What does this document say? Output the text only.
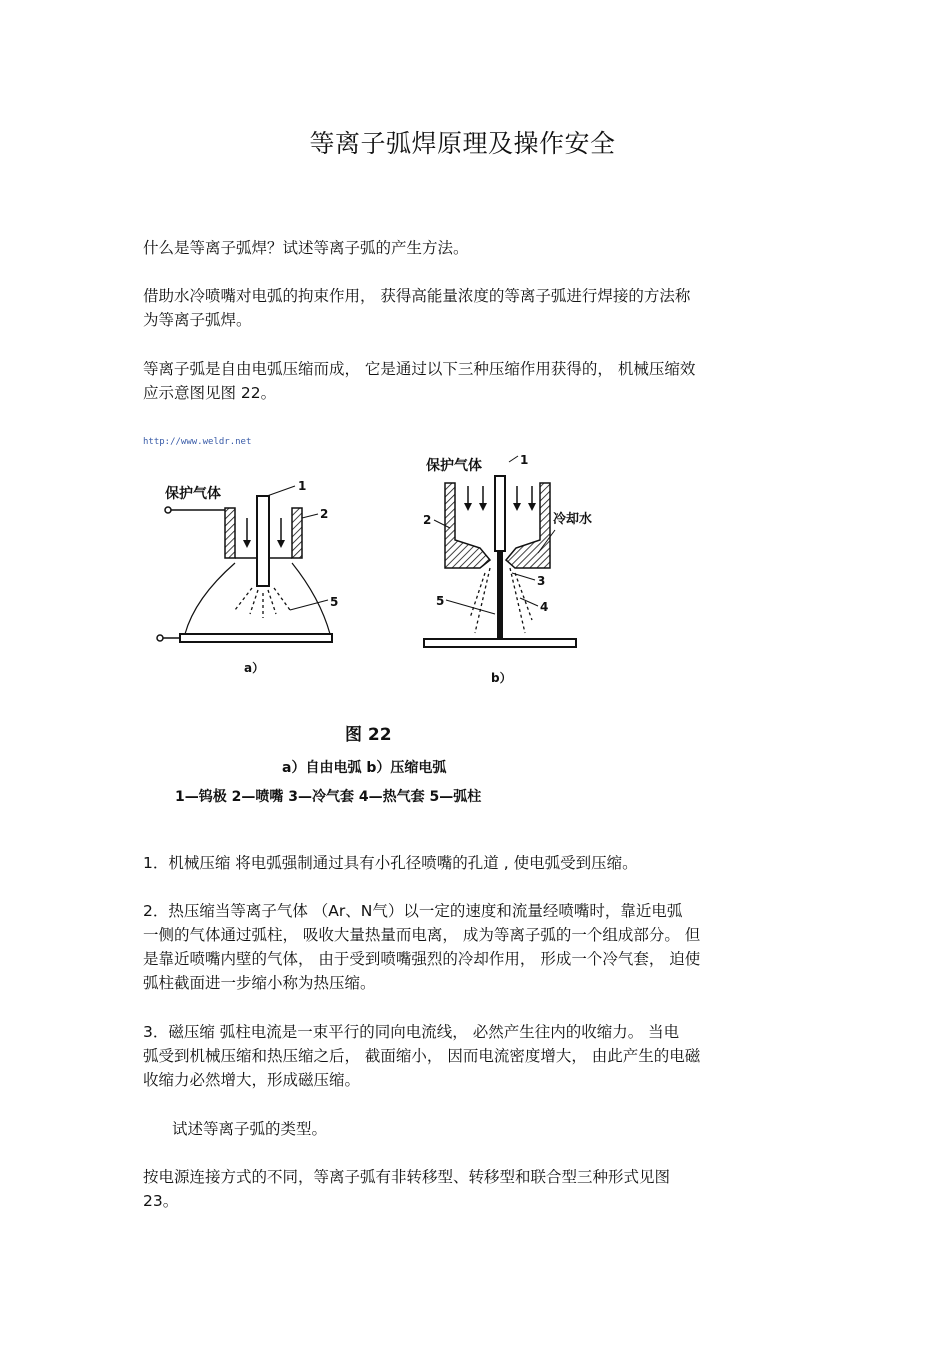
等离子弧焊原理及操作安全

什么是等离子弧焊？试述等离子弧的产生方法。

借助水冷喷嘴对电弧的拘束作用， 获得高能量浓度的等离子弧进行焊接的方法称
为等离子弧焊。

等离子弧是自由电弧压缩而成， 它是通过以下三种压缩作用获得的， 机械压缩效
应示意图见图 22。

http://www.weldr.net
保护气体	1
2
5
a）
保护气体	1
冷却水
2
3
4
5
b）
图 22
a）自由电弧 b）压缩电弧
1—钨极 2—喷嘴 3—冷气套 4—热气套 5—弧柱

1．机械压缩 将电弧强制通过具有小孔径喷嘴的孔道 , 使电弧受到压缩。

2．热压缩当等离子气体 （Ar、N气）以一定的速度和流量经喷嘴时，靠近电弧
一侧的气体通过弧柱， 吸收大量热量而电离， 成为等离子弧的一个组成部分。 但
是靠近喷嘴内壁的气体， 由于受到喷嘴强烈的冷却作用， 形成一个冷气套， 迫使
弧柱截面进一步缩小称为热压缩。

3．磁压缩 弧柱电流是一束平行的同向电流线， 必然产生往内的收缩力。 当电
弧受到机械压缩和热压缩之后， 截面缩小， 因而电流密度增大， 由此产生的电磁
收缩力必然增大，形成磁压缩。

试述等离子弧的类型。

按电源连接方式的不同，等离子弧有非转移型、转移型和联合型三种形式见图
23。
